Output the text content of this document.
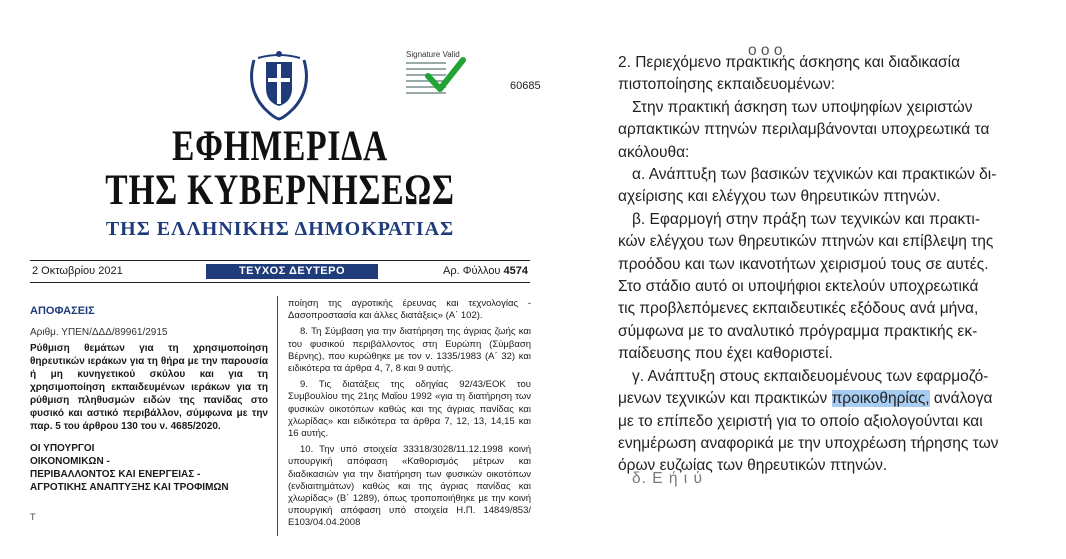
Signature Valid
60685
ΕΦΗΜΕΡΙΔΑ
ΤΗΣ ΚΥΒΕΡΝΗΣΕΩΣ
ΤΗΣ ΕΛΛΗΝΙΚΗΣ ΔΗΜΟΚΡΑΤΙΑΣ
2 Οκτωβρίου 2021	ΤΕΥΧΟΣ ΔΕΥΤΕΡΟ	Αρ. Φύλλου 4574
ΑΠΟΦΑΣΕΙΣ
Αριθμ. ΥΠΕΝ/ΔΔΔ/89961/2915
Ρύθμιση θεμάτων για τη χρησιμοποίηση θηρευτικών ιεράκων για τη θήρα με την παρουσία ή μη κυνηγετικού σκύλου και για τη χρησιμοποίηση εκπαιδευμένων ιεράκων για τη ρύθμιση πληθυσμών ειδών της πανίδας στο φυσικό και αστικό περιβάλλον, σύμφωνα με την παρ. 5 του άρθρου 130 του ν. 4685/2020.
ΟΙ ΥΠΟΥΡΓΟΙ
ΟΙΚΟΝΟΜΙΚΩΝ -
ΠΕΡΙΒΑΛΛΟΝΤΟΣ ΚΑΙ ΕΝΕΡΓΕΙΑΣ -
ΑΓΡΟΤΙΚΗΣ ΑΝΑΠΤΥΞΗΣ ΚΑΙ ΤΡΟΦΙΜΩΝ
Τ

ποίηση της αγροτικής έρευνας και τεχνολογίας - Δασοπροστασία και άλλες διατάξεις» (Α΄ 102).

8. Τη Σύμβαση για την διατήρηση της άγριας ζωής και του φυσικού περιβάλλοντος στη Ευρώπη (Σύμβαση Βέρνης), που κυρώθηκε με τον ν. 1335/1983 (Α΄ 32) και ειδικότερα τα άρθρα 4, 7, 8 και 9 αυτής.

9. Τις διατάξεις της οδηγίας 92/43/ΕΟΚ του Συμβουλίου της 21ης Μαΐου 1992 «για τη διατήρηση των φυσικών οικοτόπων καθώς και της άγριας πανίδας και χλωρίδας» και ειδικότερα τα άρθρα 7, 12, 13, 14,15 και 16 αυτής.

10. Την υπό στοιχεία 33318/3028/11.12.1998 κοινή υπουργική απόφαση «Καθορισμός μέτρων και διαδικασιών για την διατήρηση των φυσικών οικοτόπων (ενδιαιτημάτων) καθώς και της άγριας πανίδας και χλωρίδας» (Β΄ 1289), όπως τροποποιήθηκε με την κοινή υπουργική απόφαση υπό στοιχεία Η.Π. 14849/853/Ε103/04.04.2008

ο ο ο
2. Περιεχόμενο πρακτικής άσκησης και διαδικασία
πιστοποίησης εκπαιδευομένων:
Στην πρακτική άσκηση των υποψηφίων χειριστών
αρπακτικών πτηνών περιλαμβάνονται υποχρεωτικά τα
ακόλουθα:
α. Ανάπτυξη των βασικών τεχνικών και πρακτικών δι-
αχείρισης και ελέγχου των θηρευτικών πτηνών.
β. Εφαρμογή στην πράξη των τεχνικών και πρακτι-
κών ελέγχου των θηρευτικών πτηνών και επίβλεψη της
προόδου και των ικανοτήτων χειρισμού τους σε αυτές.
Στο στάδιο αυτό οι υποψήφιοι εκτελούν υποχρεωτικά
τις προβλεπόμενες εκπαιδευτικές εξόδους ανά μήνα,
σύμφωνα με το αναλυτικό πρόγραμμα πρακτικής εκ-
παίδευσης που έχει καθοριστεί.
γ. Ανάπτυξη στους εκπαιδευομένους των εφαρμοζό-
μενων τεχνικών και πρακτικών προικοθηρίας, ανάλογα
με το επίπεδο χειριστή για το οποίο αξιολογούνται και
ενημέρωση αναφορικά με την υποχρέωση τήρησης των
όρων ευζωίας των θηρευτικών πτηνών.
δ. Ε ή ι ύ
